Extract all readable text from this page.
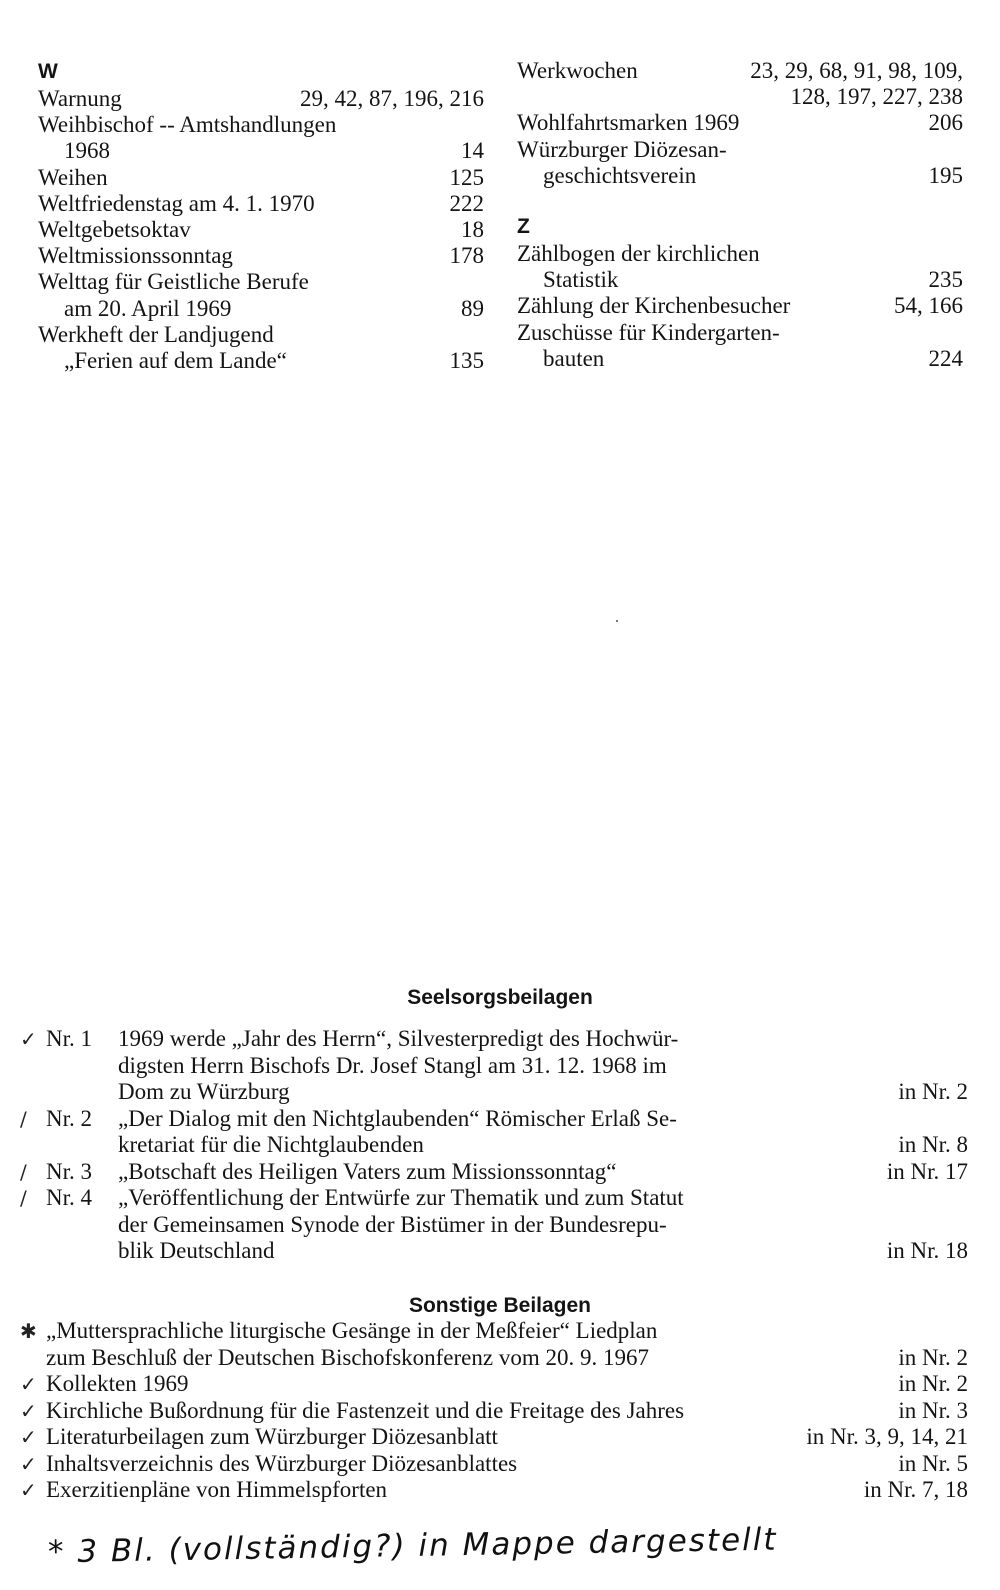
W
Warnung	29, 42, 87, 196, 216
Weihbischof -- Amtshandlungen
1968	14
Weihen	125
Weltfriedenstag am 4. 1. 1970	222
Weltgebetsoktav	18
Weltmissionssonntag	178
Welttag für Geistliche Berufe
am 20. April 1969	89
Werkheft der Landjugend
„Ferien auf dem Lande“	135
Werkwochen	23, 29, 68, 91, 98, 109,
128, 197, 227, 238
Wohlfahrtsmarken 1969	206
Würzburger Diözesan-
geschichtsverein	195
Z
Zählbogen der kirchlichen
Statistik	235
Zählung der Kirchenbesucher	54, 166
Zuschüsse für Kindergarten-
bauten	224
Seelsorgsbeilagen
✓ Nr. 1	1969 werde „Jahr des Herrn“, Silvesterpredigt des Hochwür-
digsten Herrn Bischofs Dr. Josef Stangl am 31. 12. 1968 im
Dom zu Würzburg	in Nr. 2
/ Nr. 2	„Der Dialog mit den Nichtglaubenden“ Römischer Erlaß Se-
kretariat für die Nichtglaubenden	in Nr. 8
/ Nr. 3	„Botschaft des Heiligen Vaters zum Missionssonntag“	in Nr. 17
/ Nr. 4	„Veröffentlichung der Entwürfe zur Thematik und zum Statut
der Gemeinsamen Synode der Bistümer in der Bundesrepu-
blik Deutschland	in Nr. 18
Sonstige Beilagen
✱ „Muttersprachliche liturgische Gesänge in der Meßfeier“ Liedplan
zum Beschluß der Deutschen Bischofskonferenz vom 20. 9. 1967	in Nr. 2
✓ Kollekten 1969	in Nr. 2
✓ Kirchliche Bußordnung für die Fastenzeit und die Freitage des Jahres	in Nr. 3
✓ Literaturbeilagen zum Würzburger Diözesanblatt	in Nr. 3, 9, 14, 21
✓ Inhaltsverzeichnis des Würzburger Diözesanblattes	in Nr. 5
✓ Exerzitienpläne von Himmelspforten	in Nr. 7, 18
* 3 Bl. (vollständig?) in Mappe dargestellt
